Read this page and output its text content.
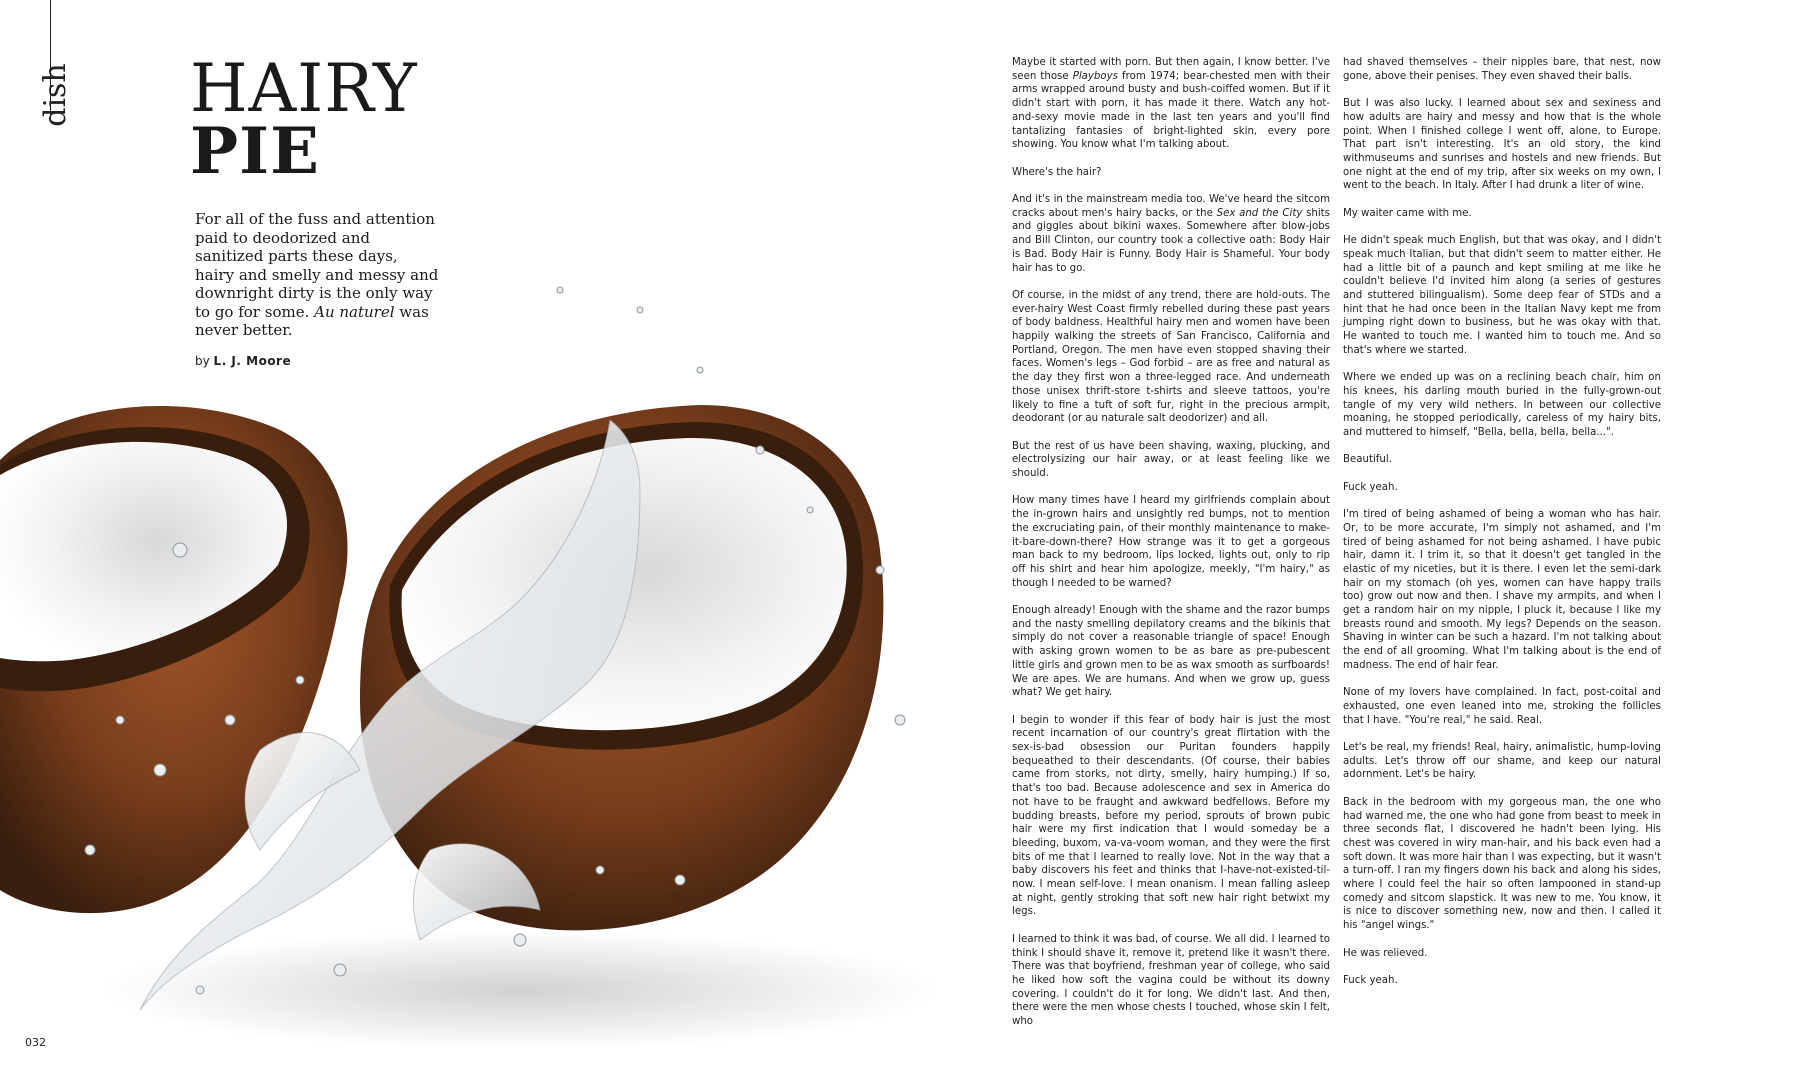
dish	HAIRY
PIE
For all of the fuss and attention paid to deodorized and sanitized parts these days, hairy and smelly and messy and downright dirty is the only way to go for some. Au naturel was never better.
by L. J. Moore

Maybe it started with porn. But then again, I know better. I've seen those Playboys from 1974; bear-chested men with their arms wrapped around busty and bush-coiffed women. But if it didn't start with porn, it has made it there. Watch any hot-and-sexy movie made in the last ten years and you'll find tantalizing fantasies of bright-lighted skin, every pore showing. You know what I'm talking about.

Where's the hair?

And it's in the mainstream media too. We've heard the sitcom cracks about men's hairy backs, or the Sex and the City shits and giggles about bikini waxes. Somewhere after blow-jobs and Bill Clinton, our country took a collective oath: Body Hair is Bad. Body Hair is Funny. Body Hair is Shameful. Your body hair has to go.

Of course, in the midst of any trend, there are hold-outs. The ever-hairy West Coast firmly rebelled during these past years of body baldness. Healthful hairy men and women have been happily walking the streets of San Francisco, California and Portland, Oregon. The men have even stopped shaving their faces. Women's legs – God forbid – are as free and natural as the day they first won a three-legged race. And underneath those unisex thrift-store t-shirts and sleeve tattoos, you're likely to fine a tuft of soft fur, right in the precious armpit, deodorant (or au naturale salt deodorizer) and all.

But the rest of us have been shaving, waxing, plucking, and electrolysizing our hair away, or at least feeling like we should.

How many times have I heard my girlfriends complain about the in-grown hairs and unsightly red bumps, not to mention the excruciating pain, of their monthly maintenance to make-it-bare-down-there? How strange was it to get a gorgeous man back to my bedroom, lips locked, lights out, only to rip off his shirt and hear him apologize, meekly, "I'm hairy," as though I needed to be warned?

Enough already! Enough with the shame and the razor bumps and the nasty smelling depilatory creams and the bikinis that simply do not cover a reasonable triangle of space! Enough with asking grown women to be as bare as pre-pubescent little girls and grown men to be as wax smooth as surfboards! We are apes. We are humans. And when we grow up, guess what? We get hairy.

I begin to wonder if this fear of body hair is just the most recent incarnation of our country's great flirtation with the sex-is-bad obsession our Puritan founders happily bequeathed to their descendants. (Of course, their babies came from storks, not dirty, smelly, hairy humping.) If so, that's too bad. Because adolescence and sex in America do not have to be fraught and awkward bedfellows. Before my budding breasts, before my period, sprouts of brown pubic hair were my first indication that I would someday be a bleeding, buxom, va-va-voom woman, and they were the first bits of me that I learned to really love. Not in the way that a baby discovers his feet and thinks that I-have-not-existed-til-now. I mean self-love. I mean onanism. I mean falling asleep at night, gently stroking that soft new hair right betwixt my legs.

I learned to think it was bad, of course. We all did. I learned to think I should shave it, remove it, pretend like it wasn't there. There was that boyfriend, freshman year of college, who said he liked how soft the vagina could be without its downy covering. I couldn't do it for long. We didn't last. And then, there were the men whose chests I touched, whose skin I felt, who

had shaved themselves – their nipples bare, that nest, now gone, above their penises. They even shaved their balls.

But I was also lucky. I learned about sex and sexiness and how adults are hairy and messy and how that is the whole point. When I finished college I went off, alone, to Europe. That part isn't interesting. It's an old story, the kind withmuseums and sunrises and hostels and new friends. But one night at the end of my trip, after six weeks on my own, I went to the beach. In Italy. After I had drunk a liter of wine.

My waiter came with me.

He didn't speak much English, but that was okay, and I didn't speak much Italian, but that didn't seem to matter either. He had a little bit of a paunch and kept smiling at me like he couldn't believe I'd invited him along (a series of gestures and stuttered bilingualism). Some deep fear of STDs and a hint that he had once been in the Italian Navy kept me from jumping right down to business, but he was okay with that. He wanted to touch me. I wanted him to touch me. And so that's where we started.

Where we ended up was on a reclining beach chair, him on his knees, his darling mouth buried in the fully-grown-out tangle of my very wild nethers. In between our collective moaning, he stopped periodically, careless of my hairy bits, and muttered to himself, "Bella, bella, bella, bella...".

Beautiful.

Fuck yeah.

I'm tired of being ashamed of being a woman who has hair. Or, to be more accurate, I'm simply not ashamed, and I'm tired of being ashamed for not being ashamed. I have pubic hair, damn it. I trim it, so that it doesn't get tangled in the elastic of my niceties, but it is there. I even let the semi-dark hair on my stomach (oh yes, women can have happy trails too) grow out now and then. I shave my armpits, and when I get a random hair on my nipple, I pluck it, because I like my breasts round and smooth. My legs? Depends on the season. Shaving in winter can be such a hazard. I'm not talking about the end of all grooming. What I'm talking about is the end of madness. The end of hair fear.

None of my lovers have complained. In fact, post-coital and exhausted, one even leaned into me, stroking the follicles that I have. "You're real," he said. Real.

Let's be real, my friends! Real, hairy, animalistic, hump-loving adults. Let's throw off our shame, and keep our natural adornment. Let's be hairy.

Back in the bedroom with my gorgeous man, the one who had warned me, the one who had gone from beast to meek in three seconds flat, I discovered he hadn't been lying. His chest was covered in wiry man-hair, and his back even had a soft down. It was more hair than I was expecting, but it wasn't a turn-off. I ran my fingers down his back and along his sides, where I could feel the hair so often lampooned in stand-up comedy and sitcom slapstick. It was new to me. You know, it is nice to discover something new, now and then. I called it his "angel wings."

He was relieved.

Fuck yeah.

032
